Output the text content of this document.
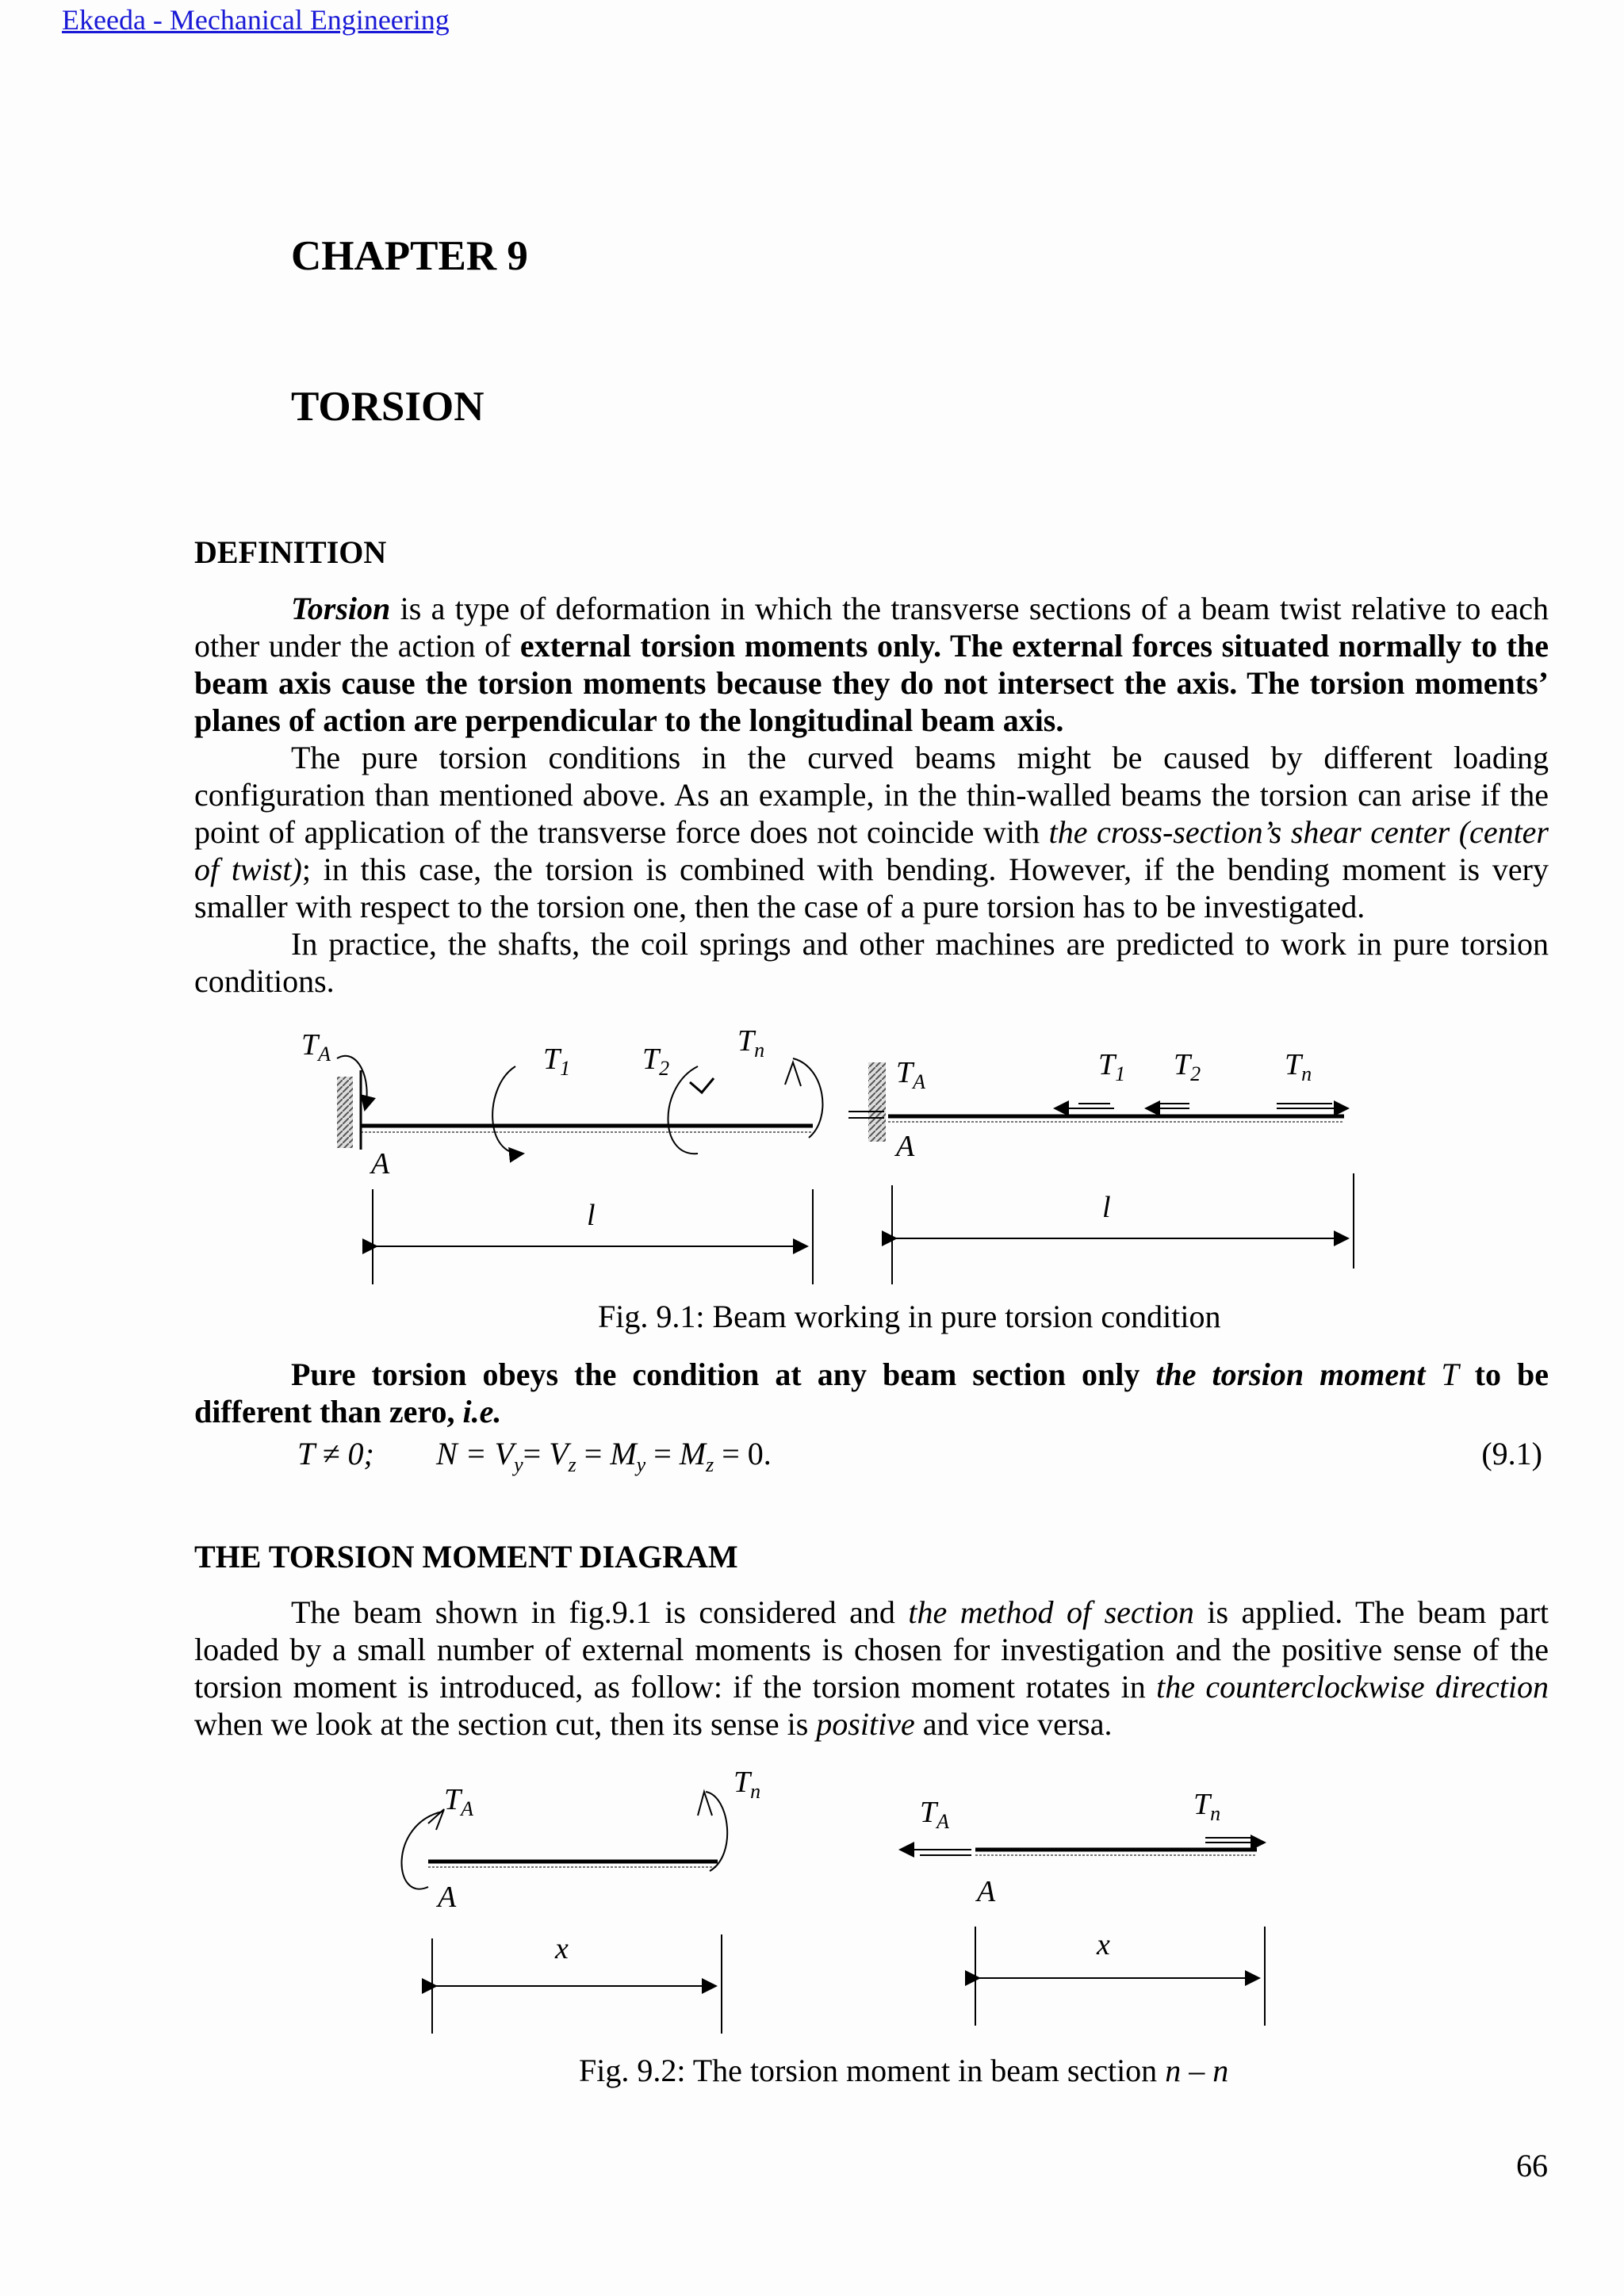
Ekeeda - Mechanical Engineering
CHAPTER 9
TORSION
DEFINITION

Torsion is a type of deformation in which the transverse sections of a beam twist relative to each other under the action of external torsion moments only. The external forces situated normally to the beam axis cause the torsion moments because they do not intersect the axis. The torsion moments’ planes of action are perpendicular to the longitudinal beam axis.

The pure torsion conditions in the curved beams might be caused by different loading configuration than mentioned above. As an example, in the thin-walled beams the torsion can arise if the point of application of the transverse force does not coincide with the cross-section’s shear center (center of twist); in this case, the torsion is combined with bending. However, if the bending moment is very smaller with respect to the torsion one, then the case of a pure torsion has to be investigated.

In practice, the shafts, the coil springs and other machines are predicted to work in pure torsion conditions.

$T_A$	$T_1$ $T_2$
$T_n$
A
l
$T_A$
$T_1$ $T_2$	$T_n$
A
l
Fig. 9.1: Beam working in pure torsion condition

Pure torsion obeys the condition at any beam section only the torsion moment T to be different than zero, i.e.

T ≠ 0; $N = V_y= V_z = M_y = M_z = 0$.	(9.1)
THE TORSION MOMENT DIAGRAM

The beam shown in fig.9.1 is considered and the method of section is applied. The beam part loaded by a small number of external moments is chosen for investigation and the positive sense of the torsion moment is introduced, as follow: if the torsion moment rotates in the counterclockwise direction when we look at the section cut, then its sense is positive and vice versa.

$T_A$
$T_n$
A
x
$T_A$
$T_n$
A
x
Fig. 9.2: The torsion moment in beam section n – n
66
